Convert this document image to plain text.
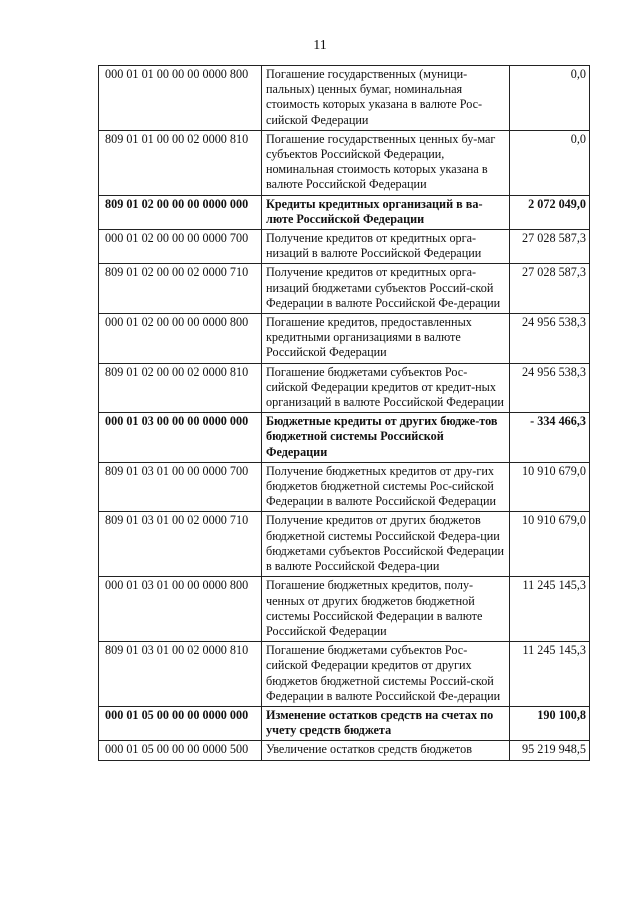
11
000 01 01 00 00 00 0000 800	Погашение государственных (муници-пальных) ценных бумаг, номинальная стоимость которых указана в валюте Рос-сийской Федерации	0,0
809 01 01 00 00 02 0000 810	Погашение государственных ценных бу-маг субъектов Российской Федерации, номинальная стоимость которых указана в валюте Российской Федерации	0,0
809 01 02 00 00 00 0000 000	Кредиты кредитных организаций в ва-люте Российской Федерации	2 072 049,0
000 01 02 00 00 00 0000 700	Получение кредитов от кредитных орга-низаций в валюте Российской Федерации	27 028 587,3
809 01 02 00 00 02 0000 710	Получение кредитов от кредитных орга-низаций бюджетами субъектов Россий-ской Федерации в валюте Российской Фе-дерации	27 028 587,3
000 01 02 00 00 00 0000 800	Погашение кредитов, предоставленных кредитными организациями в валюте Российской Федерации	24 956 538,3
809 01 02 00 00 02 0000 810	Погашение бюджетами субъектов Рос-сийской Федерации кредитов от кредит-ных организаций в валюте Российской Федерации	24 956 538,3
000 01 03 00 00 00 0000 000	Бюджетные кредиты от других бюдже-тов бюджетной системы Российской Федерации	- 334 466,3
809 01 03 01 00 00 0000 700	Получение бюджетных кредитов от дру-гих бюджетов бюджетной системы Рос-сийской Федерации в валюте Российской Федерации	10 910 679,0
809 01 03 01 00 02 0000 710	Получение кредитов от других бюджетов бюджетной системы Российской Федера-ции бюджетами субъектов Российской Федерации в валюте Российской Федера-ции	10 910 679,0
000 01 03 01 00 00 0000 800	Погашение бюджетных кредитов, полу-ченных от других бюджетов бюджетной системы Российской Федерации в валюте Российской Федерации	11 245 145,3
809 01 03 01 00 02 0000 810	Погашение бюджетами субъектов Рос-сийской Федерации кредитов от других бюджетов бюджетной системы Россий-ской Федерации в валюте Российской Фе-дерации	11 245 145,3
000 01 05 00 00 00 0000 000	Изменение остатков средств на счетах по учету средств бюджета	190 100,8
000 01 05 00 00 00 0000 500	Увеличение остатков средств бюджетов	95 219 948,5
